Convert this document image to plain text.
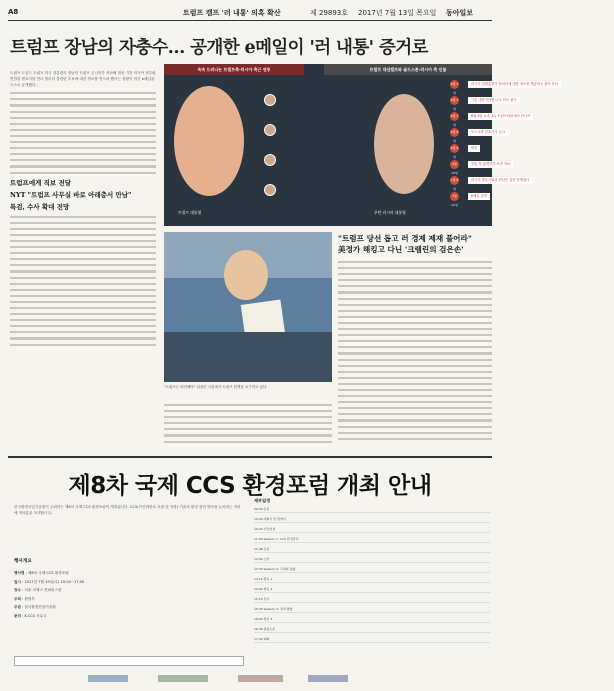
A8	트럼프 캠프 '러 내통' 의혹 확산	제 29893호 2017년 7월 13일 목요일 동아일보
트럼프 장남의 자충수… 공개한 e메일이 '러 내통' 증거로
트럼프 도널드 트럼프 미국 대통령의 장남인 트럼프 주니어가 지난해 대선 기간 러시아 정부와 연결된 변호사를 만나 힐러리 클린턴 후보에 대한 정보를 얻으려 했다는 정황이 담긴 e메일을 스스로 공개했다.
트럼프에게 직보 전달
NYT "트럼프 사무실 바로 아래층서 만남"
특검, 수사 확대 전망
속속 드러나는 트럼프측-러시아 측근 연루	트럼프 대선캠프와 골드스톤-러시아 측 인물
트럼프 대통령	푸틴 러시아 대통령
6월 3일
러시아 검찰총장이 힐러리에 대한 정보를 제공하고 싶어 한다
6월 3일
그런 내용이라면 나도 아주 좋다
6월 7일
6월 9일 오후 3시 트럼프타워에서 만나자
6월 8일
모스크바 변호사가 온다
6월 9일
회동
6월 13일
푸틴 측 관계자가 보낸 자료
7월 8일
러시아 변호사와의 만남은 입양 문제였다
7월 11일
e메일 공개
"트럼프는 퇴진해야" 워싱턴 시위대가 트럼프 탄핵을 요구하고 있다.
"트럼프 당선 돕고 러 경제 제재 풀어라"
美정가 해킹고 다닌 '크렘린의 검은손'
제8차 국제 CCS 환경포럼 개최 안내
한국환경산업기술원이 주최하는 제8차 국제 CCS 환경포럼이 개최됩니다. CCS(이산화탄소 포집 및 저장) 기술의 환경 관리 방안을 논의하는 자리에 여러분을 초대합니다.
행사개요
행사명 : 제8차 국제 CCS 환경포럼
일시 : 2017년 7월 19일(수) 10:00~17:00
장소 : 서울 코엑스 컨퍼런스룸
주최 : 환경부
주관 : 한국환경산업기술원
문의 : K-CCS 사무국
세부일정
09:30 등록
10:00 개회식 및 환영사
10:20 기조연설
11:00 Session 1: CCS 환경관리
11:40 토론
12:00 오찬
13:30 Session 2: 국내외 동향
14:10 발표 1
14:40 발표 2
15:10 휴식
15:30 Session 3: 정책 방향
16:00 발표 3
16:30 종합토론
17:00 폐회
